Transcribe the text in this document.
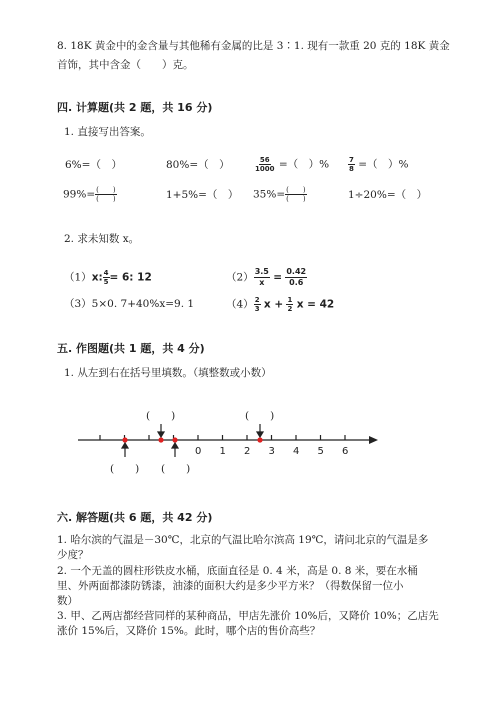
8. 18K 黄金中的金含量与其他稀有金属的比是 3∶1. 现有一款重 20 克的 18K 黄金
首饰，其中含金（　　）克。
四. 计算题(共 2 题，共 16 分)
1. 直接写出答案。
6%=（　）	80%=（　）	$\frac{56}{1000}$ =（　）%	$\frac{7}{8}$ =（　）%
$99\%= \frac{( )}{( )}$	1+5%=（　） $35\%= \frac{( )}{( )}$	1÷20%=（　）
2. 求未知数 x。
（1）x: $\frac{4}{5} = 6$: 12	$(2) \frac{3.5}{x} = \frac{0.42}{0.6}$
（3）5×0. 7+40%x=9. 1	$(4) \frac{2}{3}$ $x + \frac{1}{2}$ x = 42
五. 作图题(共 1 题，共 4 分)
1. 从左到右在括号里填数。（填整数或小数）
(　　)	(　　)
(　　) (　　)
0 1 2 3 4 5 6
六. 解答题(共 6 题，共 42 分)
1. 哈尔滨的气温是－30℃，北京的气温比哈尔滨高 19℃，请问北京的气温是多
少度？
2. 一个无盖的圆柱形铁皮水桶，底面直径是 0. 4 米，高是 0. 8 米，要在水桶
里、外两面都漆防锈漆，油漆的面积大约是多少平方米？（得数保留一位小
数）
3. 甲、乙两店都经营同样的某种商品，甲店先涨价 10%后，又降价 10%；乙店先
涨价 15%后，又降价 15%。此时，哪个店的售价高些？
